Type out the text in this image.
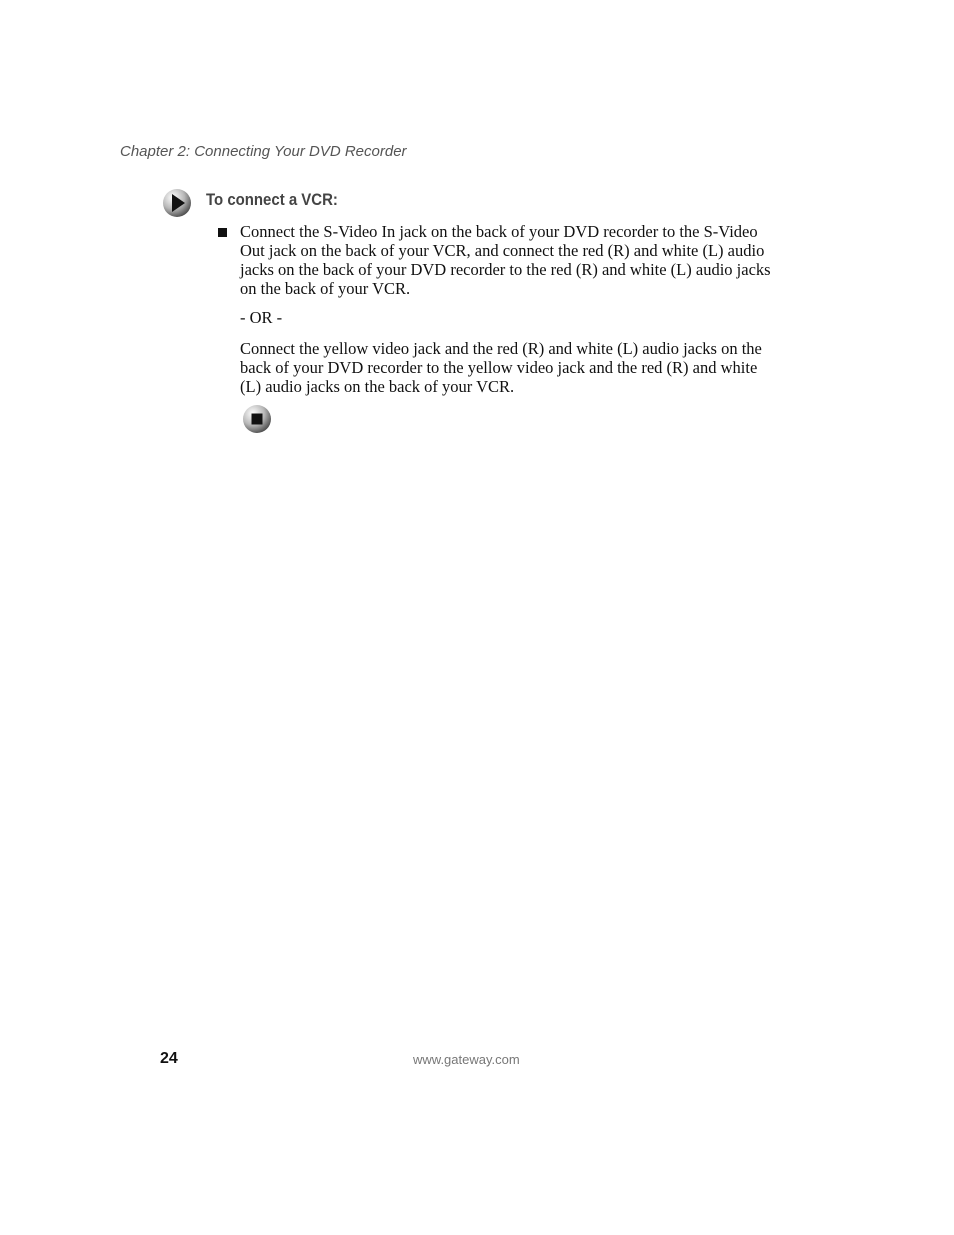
Chapter 2: Connecting Your DVD Recorder
To connect a VCR:

Connect the S-Video In jack on the back of your DVD recorder to the S-Video Out jack on the back of your VCR, and connect the red (R) and white (L) audio jacks on the back of your DVD recorder to the red (R) and white (L) audio jacks on the back of your VCR.

- OR -

Connect the yellow video jack and the red (R) and white (L) audio jacks on the back of your DVD recorder to the yellow video jack and the red (R) and white (L) audio jacks on the back of your VCR.

24	www.gateway.com
